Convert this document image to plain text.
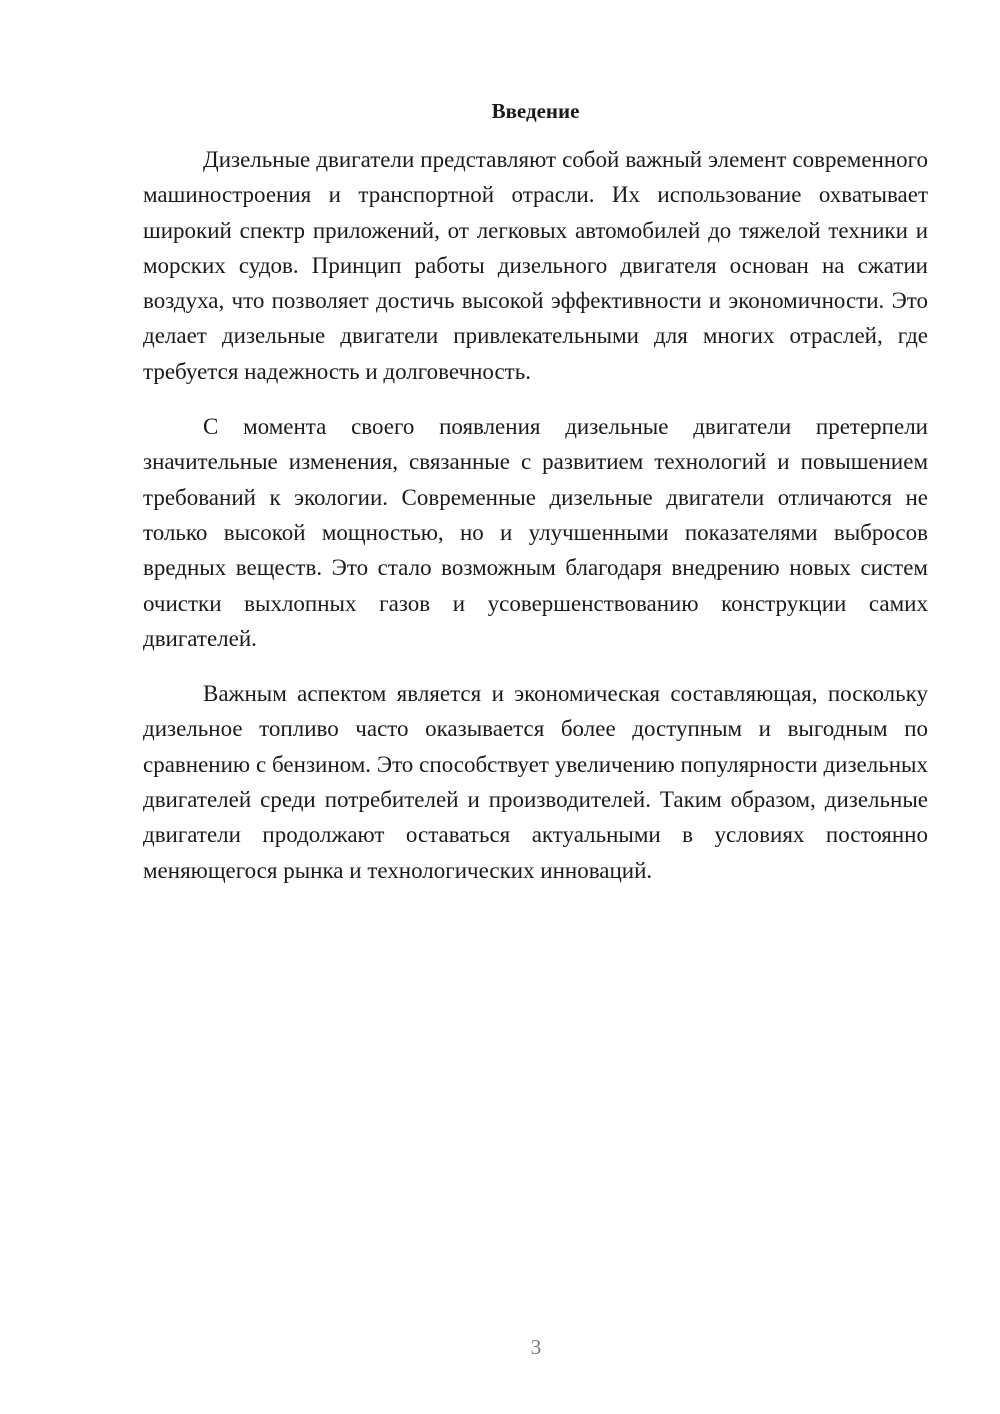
Введение

Дизельные двигатели представляют собой важный элемент современного машиностроения и транспортной отрасли. Их использование охватывает широкий спектр приложений, от легковых автомобилей до тяжелой техники и морских судов. Принцип работы дизельного двигателя основан на сжатии воздуха, что позволяет достичь высокой эффективности и экономичности. Это делает дизельные двигатели привлекательными для многих отраслей, где требуется надежность и долговечность.

С момента своего появления дизельные двигатели претерпели значительные изменения, связанные с развитием технологий и повышением требований к экологии. Современные дизельные двигатели отличаются не только высокой мощностью, но и улучшенными показателями выбросов вредных веществ. Это стало возможным благодаря внедрению новых систем очистки выхлопных газов и усовершенствованию конструкции самих двигателей.

Важным аспектом является и экономическая составляющая, поскольку дизельное топливо часто оказывается более доступным и выгодным по сравнению с бензином. Это способствует увеличению популярности дизельных двигателей среди потребителей и производителей. Таким образом, дизельные двигатели продолжают оставаться актуальными в условиях постоянно меняющегося рынка и технологических инноваций.

3
